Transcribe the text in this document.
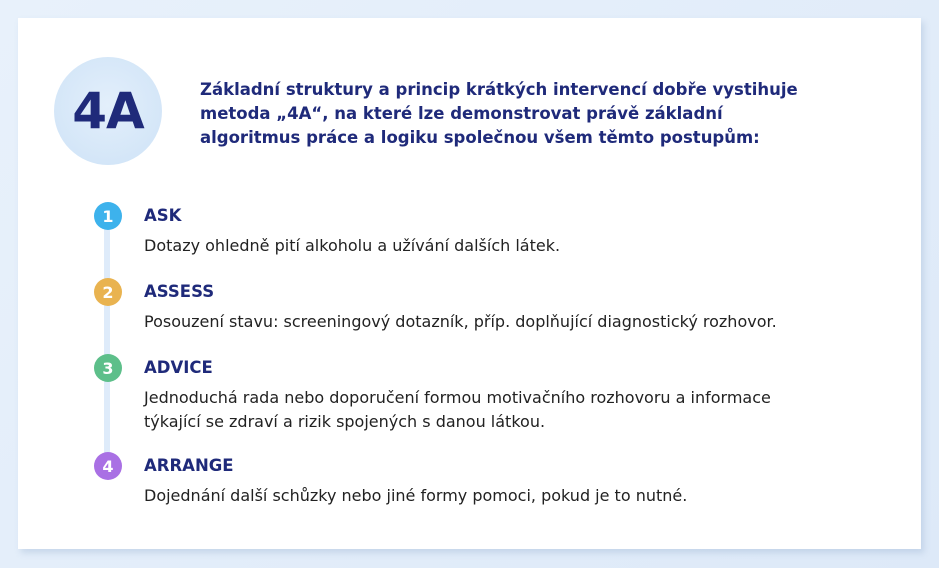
4A	Základní struktury a princip krátkých intervencí dobře vystihuje metoda „4A“, na které lze demonstrovat právě základní algoritmus práce a logiku společnou všem těmto postupům:
1	ASK
Dotazy ohledně pití alkoholu a užívání dalších látek.
2	ASSESS
Posouzení stavu: screeningový dotazník, příp. doplňující diagnostický rozhovor.
3	ADVICE
Jednoduchá rada nebo doporučení formou motivačního rozhovoru a informace týkající se zdraví a rizik spojených s danou látkou.
4	ARRANGE
Dojednání další schůzky nebo jiné formy pomoci, pokud je to nutné.
